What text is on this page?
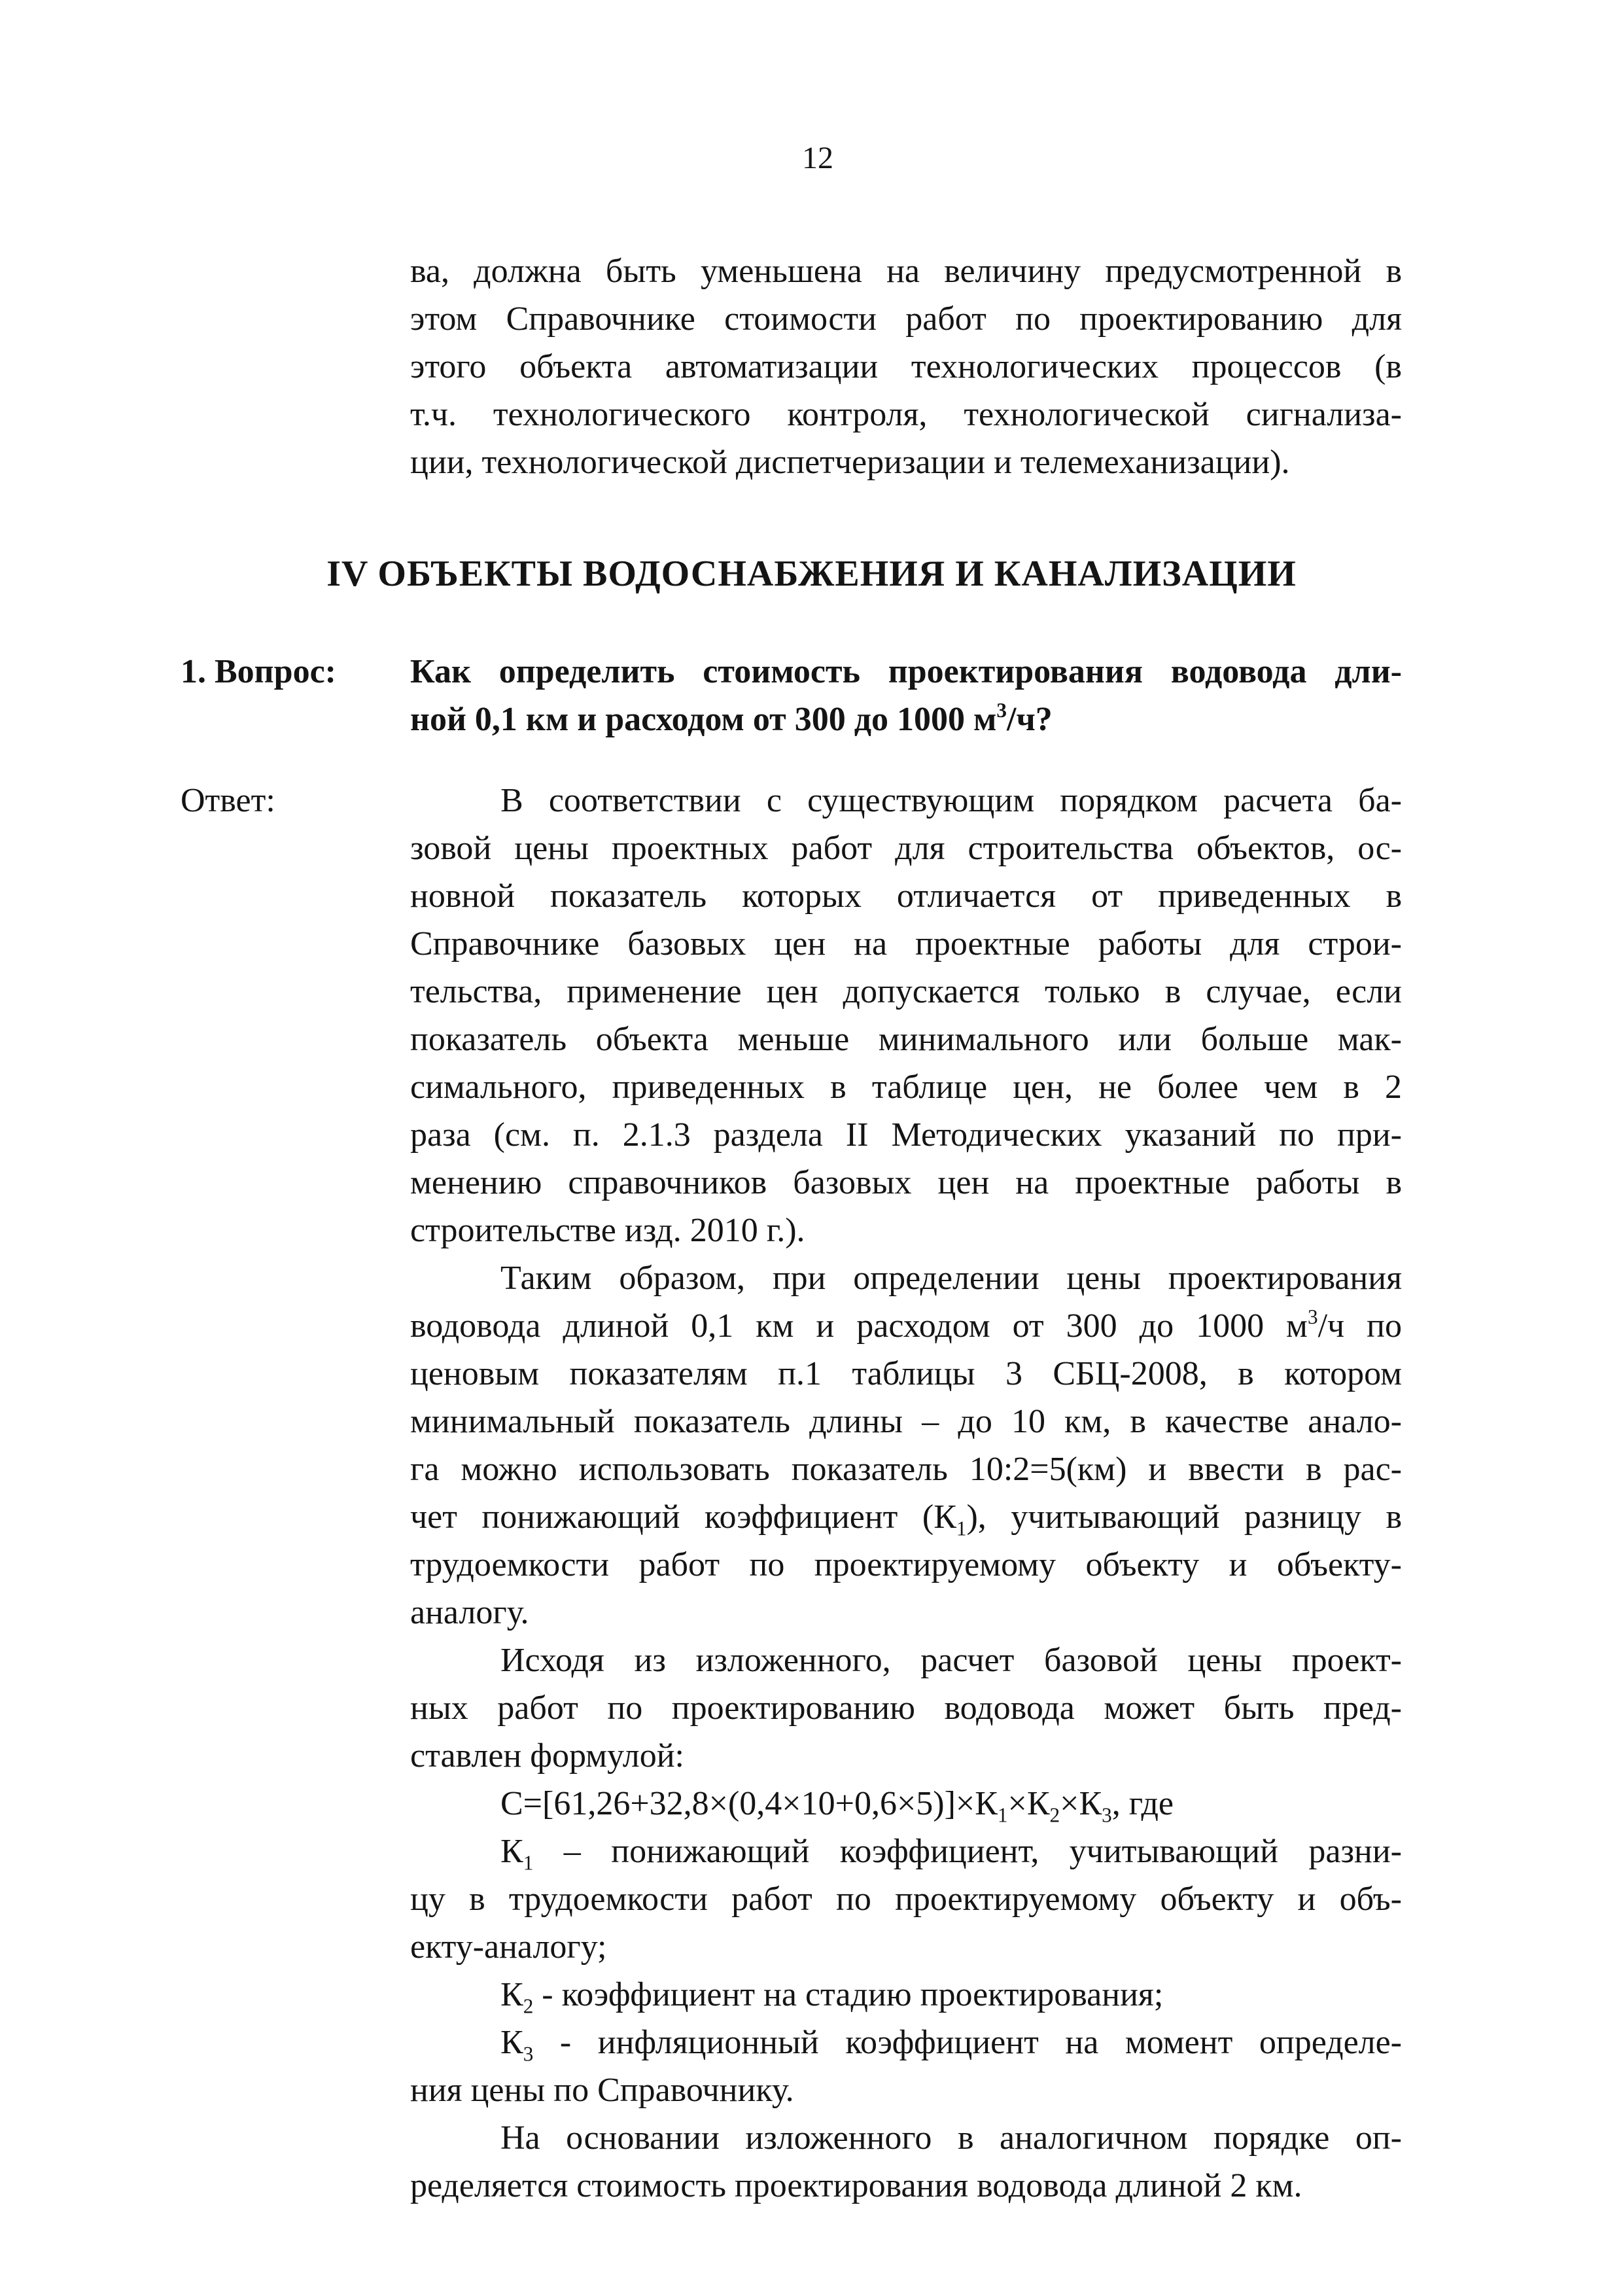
12
ва, должна быть уменьшена на величину предусмотренной в
этом Справочнике стоимости работ по проектированию для
этого объекта автоматизации технологических процессов (в
т.ч. технологического контроля, технологической сигнализа-
ции, технологической диспетчеризации и телемеханизации).
IV ОБЪЕКТЫ ВОДОСНАБЖЕНИЯ И КАНАЛИЗАЦИИ
1. Вопрос: Как определить стоимость проектирования водовода дли-
ной 0,1 км и расходом от 300 до 1000 $м^3/ч$?
Ответ:	В соответствии с существующим порядком расчета ба-
зовой цены проектных работ для строительства объектов, ос-
новной показатель которых отличается от приведенных в
Справочнике базовых цен на проектные работы для строи-
тельства, применение цен допускается только в случае, если
показатель объекта меньше минимального или больше мак-
симального, приведенных в таблице цен, не более чем в 2
раза (см. п. 2.1.3 раздела II Методических указаний по при-
менению справочников базовых цен на проектные работы в
строительстве изд. 2010 г.).
Таким образом, при определении цены проектирования
водовода длиной 0,1 км и расходом от 300 до 1000 $м^3/ч$ по
ценовым показателям п.1 таблицы 3 СБЦ-2008, в котором
минимальный показатель длины – до 10 км, в качестве анало-
га можно использовать показатель 10:2=5(км) и ввести в рас-
чет понижающий коэффициент $(К_1)$, учитывающий разницу в
трудоемкости работ по проектируемому объекту и объекту-
аналогу.
Исходя из изложенного, расчет базовой цены проект-
ных работ по проектированию водовода может быть пред-
ставлен формулой:
$С=[61,26+32,8\times(0,4\times 10+0,6\times 5)]\times К_1\times К_2\times К_3$, где
$К_1$ – понижающий коэффициент, учитывающий разни-
цу в трудоемкости работ по проектируемому объекту и объ-
екту-аналогу;
$К_2$ - коэффициент на стадию проектирования;
$К_3$ - инфляционный коэффициент на момент определе-
ния цены по Справочнику.
На основании изложенного в аналогичном порядке оп-
ределяется стоимость проектирования водовода длиной 2 км.
